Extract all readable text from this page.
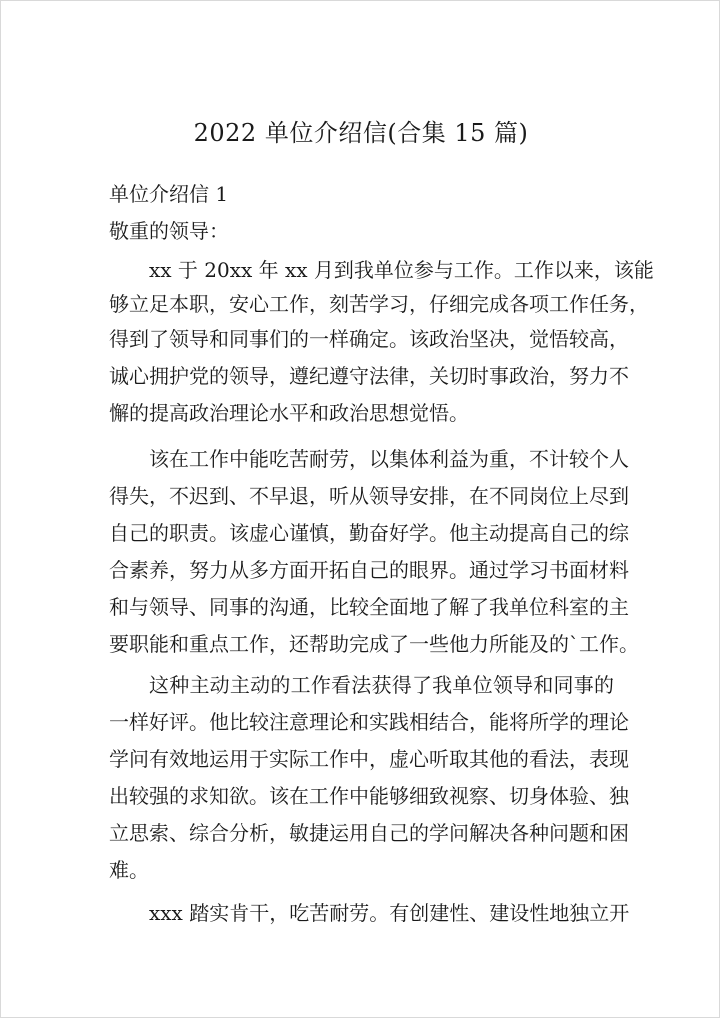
2022 单位介绍信(合集 15 篇)
单位介绍信 1
敬重的领导：
xx 于 20xx 年 xx 月到我单位参与工作。工作以来，该能
够立足本职，安心工作，刻苦学习，仔细完成各项工作任务，
得到了领导和同事们的一样确定。该政治坚决，觉悟较高，
诚心拥护党的领导，遵纪遵守法律，关切时事政治，努力不
懈的提高政治理论水平和政治思想觉悟。
该在工作中能吃苦耐劳，以集体利益为重，不计较个人
得失，不迟到、不早退，听从领导安排，在不同岗位上尽到
自己的职责。该虚心谨慎，勤奋好学。他主动提高自己的综
合素养，努力从多方面开拓自己的眼界。通过学习书面材料
和与领导、同事的沟通，比较全面地了解了我单位科室的主
要职能和重点工作，还帮助完成了一些他力所能及的`工作。
这种主动主动的工作看法获得了我单位领导和同事的
一样好评。他比较注意理论和实践相结合，能将所学的理论
学问有效地运用于实际工作中，虚心听取其他的看法，表现
出较强的求知欲。该在工作中能够细致视察、切身体验、独
立思索、综合分析，敏捷运用自己的学问解决各种问题和困
难。
xxx 踏实肯干，吃苦耐劳。有创建性、建设性地独立开
